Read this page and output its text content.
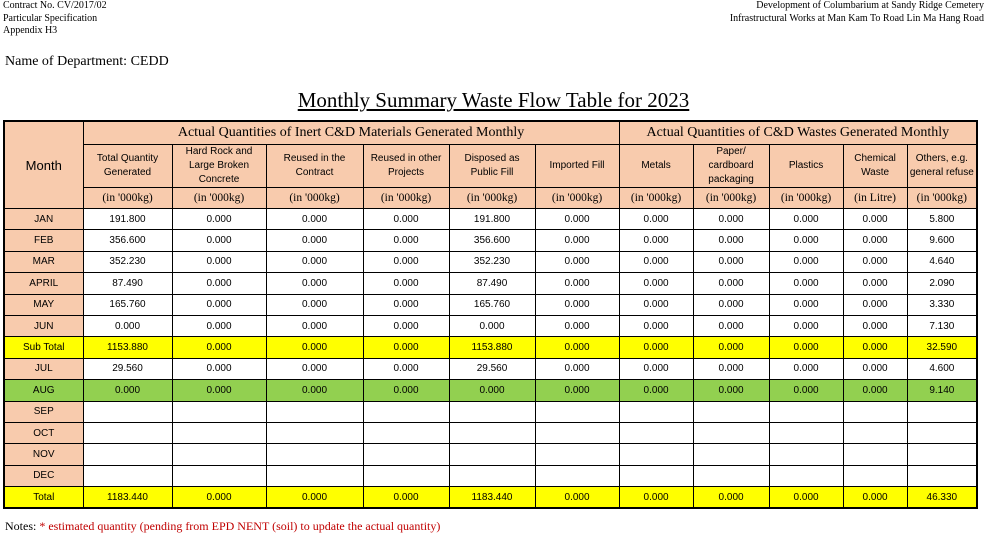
Contract No. CV/2017/02
Particular Specification
Appendix H3
Development of Columbarium at Sandy Ridge Cemetery
Infrastructural Works at Man Kam To Road Lin Ma Hang Road
Name of Department: CEDD
Monthly Summary Waste Flow Table for 2023
Month	Actual Quantities of Inert C&D Materials Generated Monthly						Actual Quantities of C&D Wastes Generated Monthly				
	Total Quantity Generated	Hard Rock and Large Broken Concrete	Reused in the Contract	Reused in other Projects	Disposed as Public Fill	Imported Fill	Metals	Paper/ cardboard packaging	Plastics	Chemical Waste	Others, e.g. general refuse
	(in '000kg)	(in '000kg)	(in '000kg)	(in '000kg)	(in '000kg)	(in '000kg)	(in '000kg)	(in '000kg)	(in '000kg)	(in Litre)	(in '000kg)
JAN	191.800	0.000	0.000	0.000	191.800	0.000	0.000	0.000	0.000	0.000	5.800
FEB	356.600	0.000	0.000	0.000	356.600	0.000	0.000	0.000	0.000	0.000	9.600
MAR	352.230	0.000	0.000	0.000	352.230	0.000	0.000	0.000	0.000	0.000	4.640
APRIL	87.490	0.000	0.000	0.000	87.490	0.000	0.000	0.000	0.000	0.000	2.090
MAY	165.760	0.000	0.000	0.000	165.760	0.000	0.000	0.000	0.000	0.000	3.330
JUN	0.000	0.000	0.000	0.000	0.000	0.000	0.000	0.000	0.000	0.000	7.130
Sub Total	1153.880	0.000	0.000	0.000	1153.880	0.000	0.000	0.000	0.000	0.000	32.590
JUL	29.560	0.000	0.000	0.000	29.560	0.000	0.000	0.000	0.000	0.000	4.600
AUG	0.000	0.000	0.000	0.000	0.000	0.000	0.000	0.000	0.000	0.000	9.140
SEP											
OCT											
NOV											
DEC											
Total	1183.440	0.000	0.000	0.000	1183.440	0.000	0.000	0.000	0.000	0.000	46.330
Notes: * estimated quantity (pending from EPD NENT (soil) to update the actual quantity)
